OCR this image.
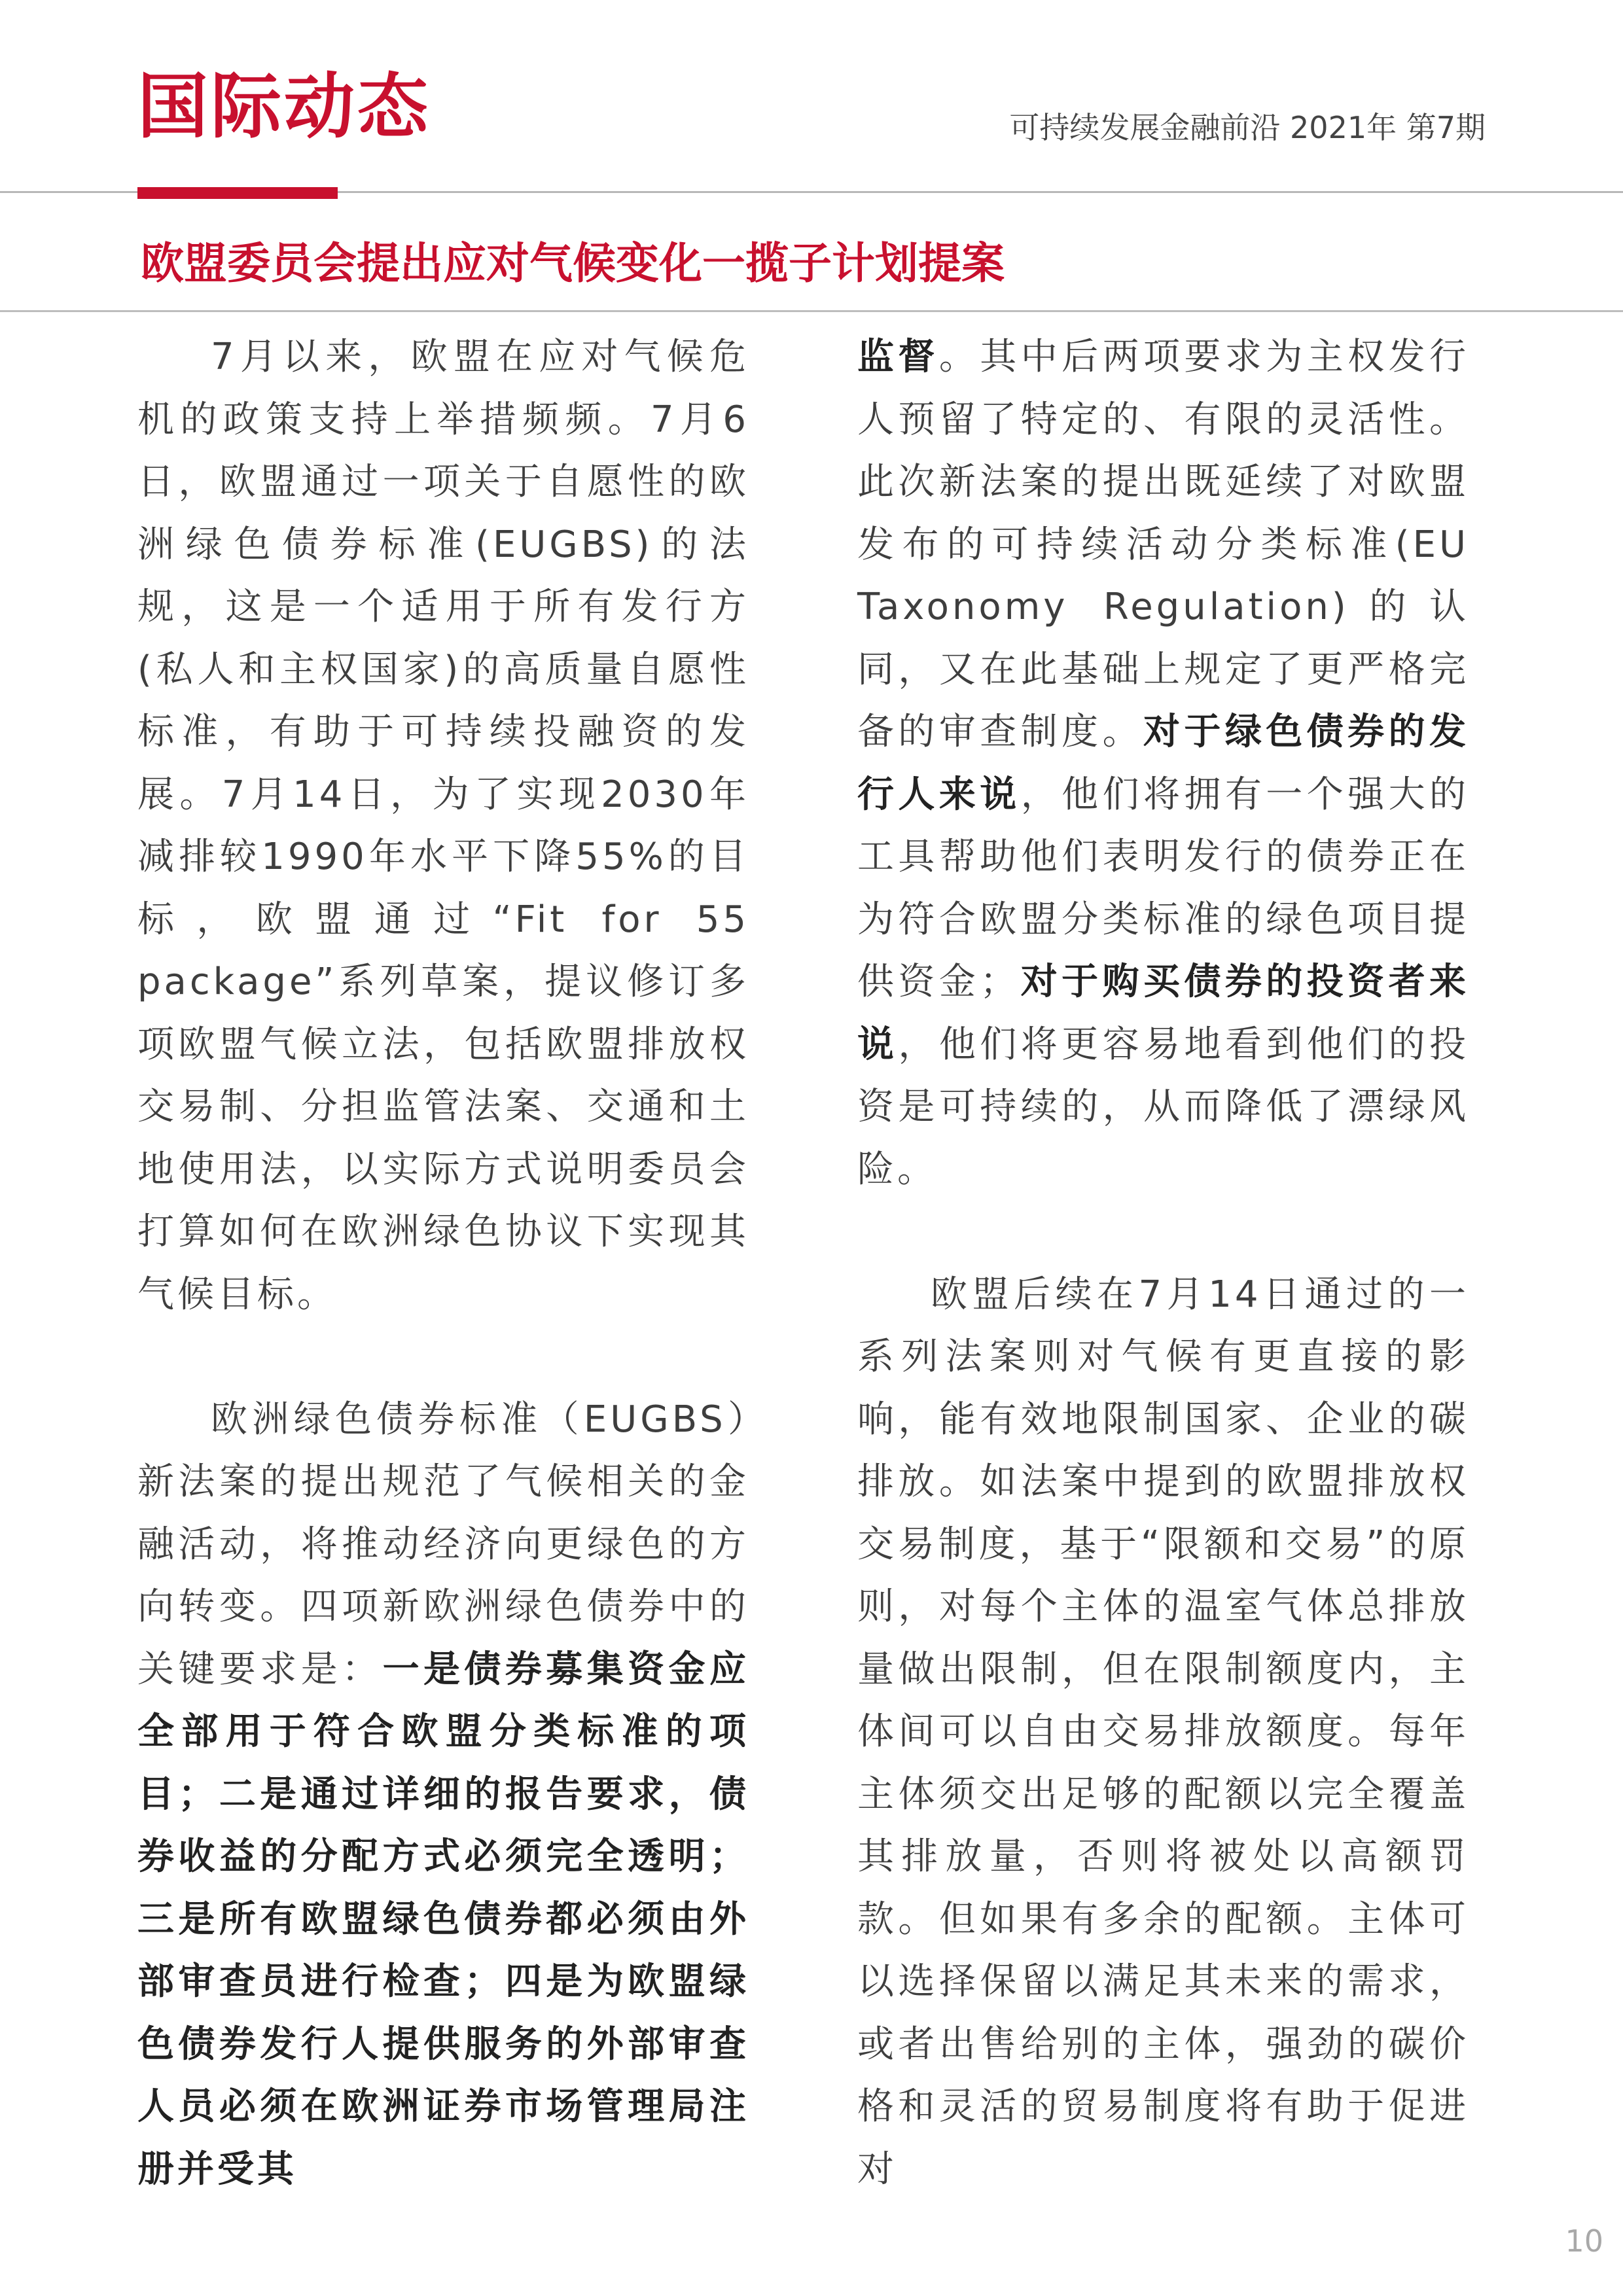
国际动态	可持续发展金融前沿 2021年 第7期
欧盟委员会提出应对气候变化一揽子计划提案

7月以来，欧盟在应对气候危机的政策支持上举措频频。7月6日，欧盟通过一项关于自愿性的欧洲绿色债券标准(EUGBS)的法规，这是一个适用于所有发行方(私人和主权国家)的高质量自愿性标准，有助于可持续投融资的发展。7月14日，为了实现2030年减排较1990年水平下降55%的目标，欧盟通过“Fit for 55 package”系列草案，提议修订多项欧盟气候立法，包括欧盟排放权交易制、分担监管法案、交通和土地使用法，以实际方式说明委员会打算如何在欧洲绿色协议下实现其气候目标。

欧洲绿色债券标准（EUGBS）新法案的提出规范了气候相关的金融活动，将推动经济向更绿色的方向转变。四项新欧洲绿色债券中的关键要求是：一是债券募集资金应全部用于符合欧盟分类标准的项目；二是通过详细的报告要求，债券收益的分配方式必须完全透明；三是所有欧盟绿色债券都必须由外部审查员进行检查；四是为欧盟绿色债券发行人提供服务的外部审查人员必须在欧洲证券市场管理局注册并受其

监督。其中后两项要求为主权发行人预留了特定的、有限的灵活性。此次新法案的提出既延续了对欧盟发布的可持续活动分类标准(EU Taxonomy Regulation)的认同，又在此基础上规定了更严格完备的审查制度。对于绿色债券的发行人来说，他们将拥有一个强大的工具帮助他们表明发行的债券正在为符合欧盟分类标准的绿色项目提供资金；对于购买债券的投资者来说，他们将更容易地看到他们的投资是可持续的，从而降低了漂绿风险。

欧盟后续在7月14日通过的一系列法案则对气候有更直接的影响，能有效地限制国家、企业的碳排放。如法案中提到的欧盟排放权交易制度，基于“限额和交易”的原则，对每个主体的温室气体总排放量做出限制，但在限制额度内，主体间可以自由交易排放额度。每年主体须交出足够的配额以完全覆盖其排放量，否则将被处以高额罚款。但如果有多余的配额。主体可以选择保留以满足其未来的需求，或者出售给别的主体，强劲的碳价格和灵活的贸易制度将有助于促进对

10
